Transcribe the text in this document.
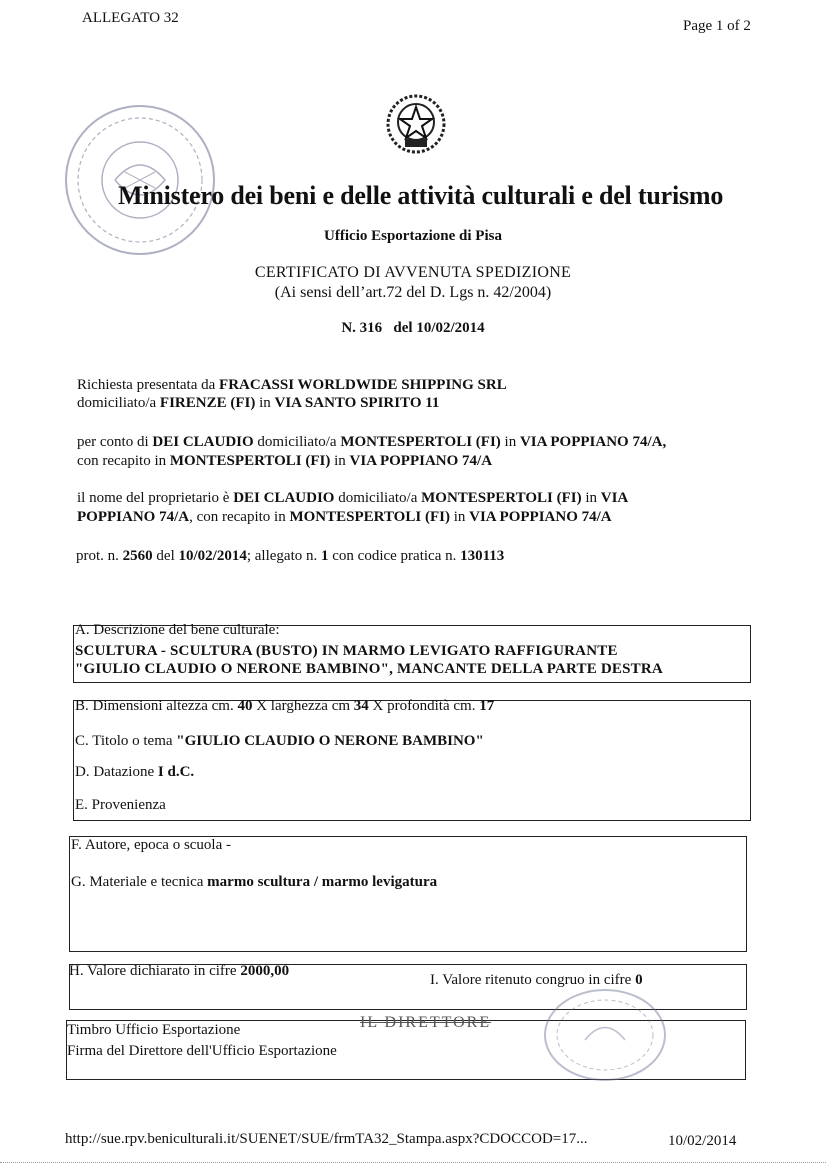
ALLEGATO 32	Page 1 of 2
Ministero dei beni e delle attività culturali e del turismo
Ufficio Esportazione di Pisa
CERTIFICATO DI AVVENUTA SPEDIZIONE
(Ai sensi dell’art.72 del D. Lgs n. 42/2004)
N. 316 del 10/02/2014
Richiesta presentata da FRACASSI WORLDWIDE SHIPPING SRL
domiciliato/a FIRENZE (FI) in VIA SANTO SPIRITO 11
per conto di DEI CLAUDIO domiciliato/a MONTESPERTOLI (FI) in VIA POPPIANO 74/A,
con recapito in MONTESPERTOLI (FI) in VIA POPPIANO 74/A
il nome del proprietario è DEI CLAUDIO domiciliato/a MONTESPERTOLI (FI) in VIA
POPPIANO 74/A, con recapito in MONTESPERTOLI (FI) in VIA POPPIANO 74/A
prot. n. 2560 del 10/02/2014; allegato n. 1 con codice pratica n. 130113
A. Descrizione del bene culturale:
SCULTURA - SCULTURA (BUSTO) IN MARMO LEVIGATO RAFFIGURANTE
"GIULIO CLAUDIO O NERONE BAMBINO", MANCANTE DELLA PARTE DESTRA
B. Dimensioni altezza cm. 40 X larghezza cm 34 X profondità cm. 17
C. Titolo o tema "GIULIO CLAUDIO O NERONE BAMBINO"
D. Datazione I d.C.
E. Provenienza
F. Autore, epoca o scuola -
G. Materiale e tecnica marmo scultura / marmo levigatura
H. Valore dichiarato in cifre 2000,00
I. Valore ritenuto congruo in cifre 0
Timbro Ufficio Esportazione
Firma del Direttore dell'Ufficio Esportazione
IL DIRETTORE
http://sue.rpv.beniculturali.it/SUENET/SUE/frmTA32_Stampa.aspx?CDOCCOD=17...	10/02/2014
